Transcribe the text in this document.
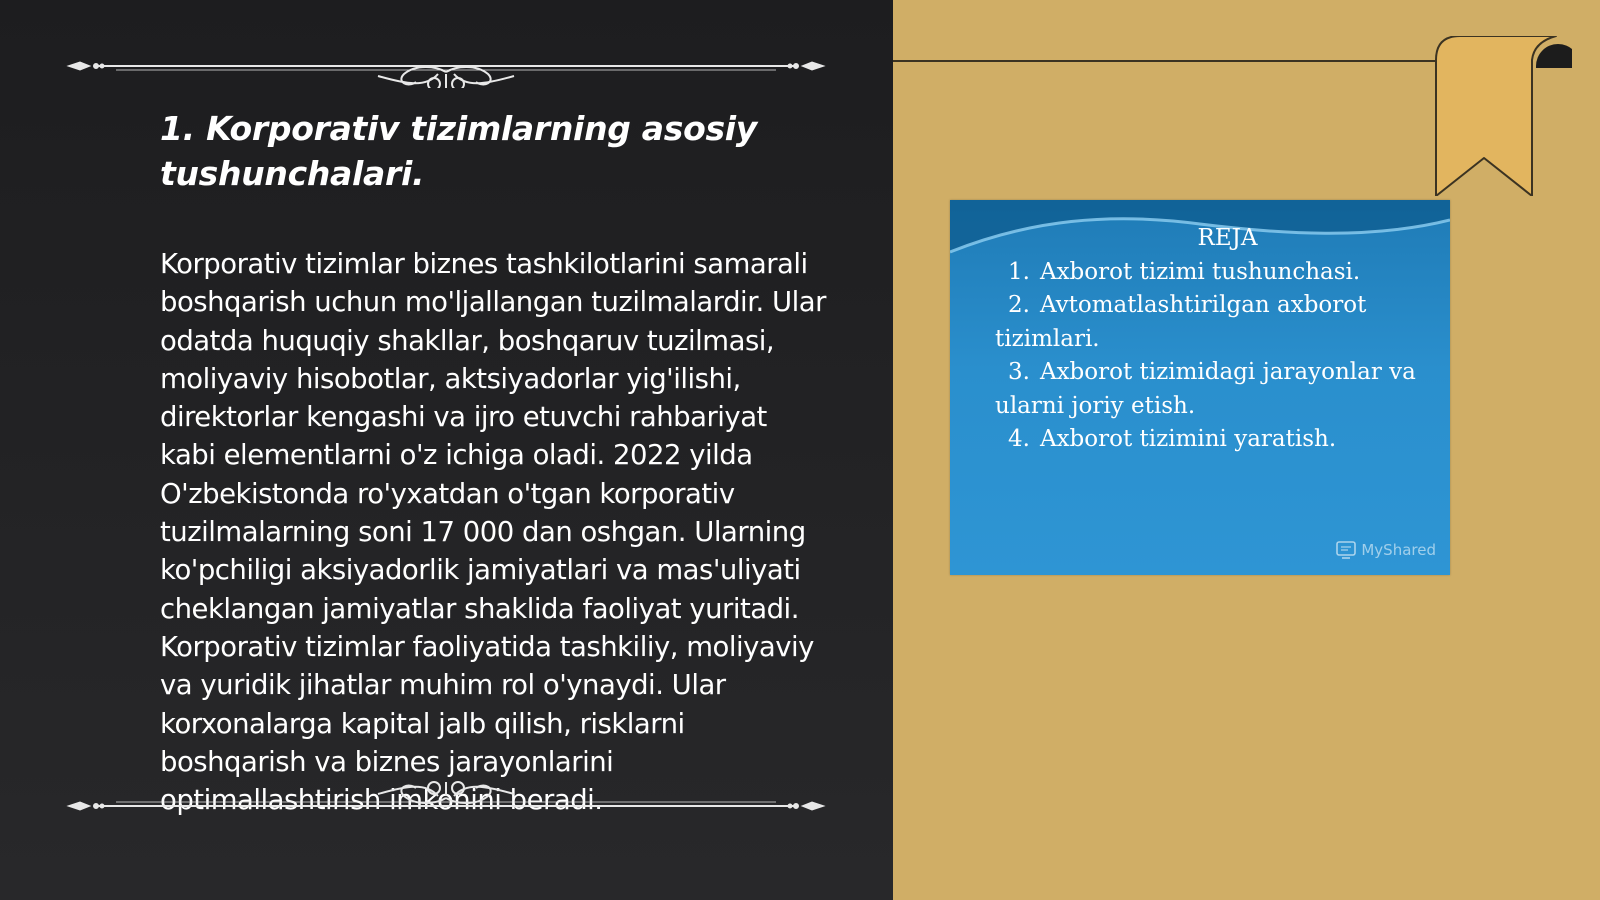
1. Korporativ tizimlarning asosiy tushunchalari.

Korporativ tizimlar biznes tashkilotlarini samarali boshqarish uchun mo'ljallangan tuzilmalardir. Ular odatda huquqiy shakllar, boshqaruv tuzilmasi, moliyaviy hisobotlar, aktsiyadorlar yig'ilishi, direktorlar kengashi va ijro etuvchi rahbariyat kabi elementlarni o'z ichiga oladi. 2022 yilda O'zbekistonda ro'yxatdan o'tgan korporativ tuzilmalarning soni 17 000 dan oshgan. Ularning ko'pchiligi aksiyadorlik jamiyatlari va mas'uliyati cheklangan jamiyatlar shaklida faoliyat yuritadi. Korporativ tizimlar faoliyatida tashkiliy, moliyaviy va yuridik jihatlar muhim rol o'ynaydi. Ular korxonalarga kapital jalb qilish, risklarni boshqarish va biznes jarayonlarini optimallashtirish imkonini beradi.

REJA

1. Axborot tizimi tushunchasi.
2. Avtomatlashtirilgan axborot tizimlari.
3. Axborot tizimidagi jarayonlar va ularni joriy etish.
4. Axborot tizimini yaratish.
MyShared
